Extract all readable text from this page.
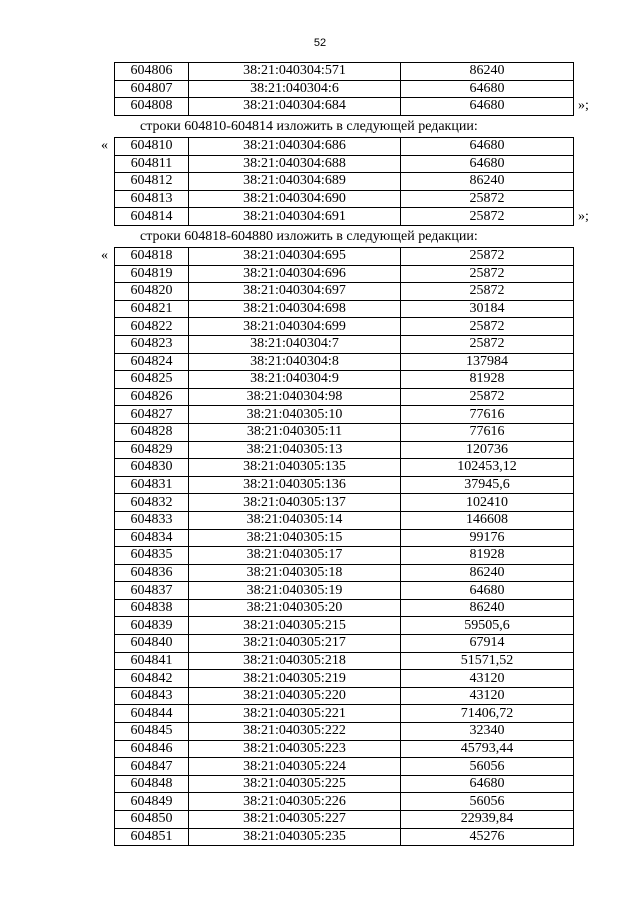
52
604806	38:21:040304:571	86240
604807	38:21:040304:6	64680
604808	38:21:040304:684	64680	»;
строки 604810-604814 изложить в следующей редакции:
« 604810	38:21:040304:686	64680
604811	38:21:040304:688	64680
604812	38:21:040304:689	86240
604813	38:21:040304:690	25872
604814	38:21:040304:691	25872	»;
строки 604818-604880 изложить в следующей редакции:
« 604818	38:21:040304:695	25872
604819	38:21:040304:696	25872
604820	38:21:040304:697	25872
604821	38:21:040304:698	30184
604822	38:21:040304:699	25872
604823	38:21:040304:7	25872
604824	38:21:040304:8	137984
604825	38:21:040304:9	81928
604826	38:21:040304:98	25872
604827	38:21:040305:10	77616
604828	38:21:040305:11	77616
604829	38:21:040305:13	120736
604830	38:21:040305:135	102453,12
604831	38:21:040305:136	37945,6
604832	38:21:040305:137	102410
604833	38:21:040305:14	146608
604834	38:21:040305:15	99176
604835	38:21:040305:17	81928
604836	38:21:040305:18	86240
604837	38:21:040305:19	64680
604838	38:21:040305:20	86240
604839	38:21:040305:215	59505,6
604840	38:21:040305:217	67914
604841	38:21:040305:218	51571,52
604842	38:21:040305:219	43120
604843	38:21:040305:220	43120
604844	38:21:040305:221	71406,72
604845	38:21:040305:222	32340
604846	38:21:040305:223	45793,44
604847	38:21:040305:224	56056
604848	38:21:040305:225	64680
604849	38:21:040305:226	56056
604850	38:21:040305:227	22939,84
604851	38:21:040305:235	45276
